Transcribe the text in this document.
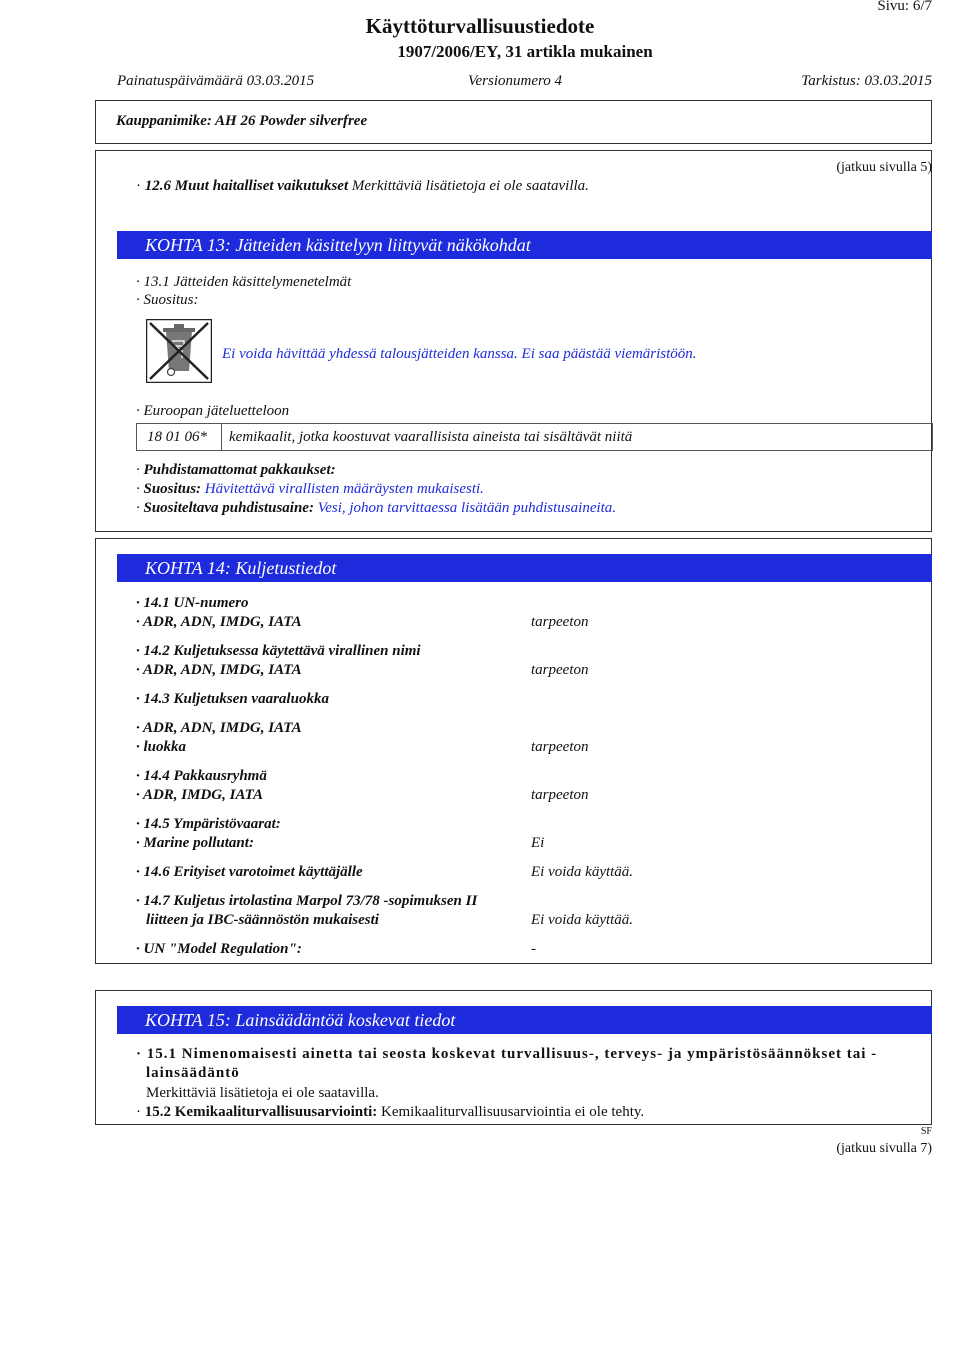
Sivu: 6/7
Käyttöturvallisuustiedote
1907/2006/EY, 31 artikla mukainen
Painatuspäivämäärä 03.03.2015	Versionumero 4	Tarkistus: 03.03.2015
Kauppanimike: AH 26 Powder silverfree
(jatkuu sivulla 5)
· 12.6 Muut haitalliset vaikutukset Merkittäviä lisätietoja ei ole saatavilla.
KOHTA 13: Jätteiden käsittelyyn liittyvät näkökohdat
· 13.1 Jätteiden käsittelymenetelmät
· Suositus:
Ei voida hävittää yhdessä talousjätteiden kanssa. Ei saa päästää viemäristöön.
· Euroopan jäteluetteloon
18 01 06* kemikaalit, jotka koostuvat vaarallisista aineista tai sisältävät niitä
· Puhdistamattomat pakkaukset:
· Suositus: Hävitettävä virallisten määräysten mukaisesti.
· Suositeltava puhdistusaine: Vesi, johon tarvittaessa lisätään puhdistusaineita.
KOHTA 14: Kuljetustiedot
· 14.1 UN-numero
· ADR, ADN, IMDG, IATA	tarpeeton
· 14.2 Kuljetuksessa käytettävä virallinen nimi
· ADR, ADN, IMDG, IATA	tarpeeton
· 14.3 Kuljetuksen vaaraluokka
· ADR, ADN, IMDG, IATA
· luokka	tarpeeton
· 14.4 Pakkausryhmä
· ADR, IMDG, IATA	tarpeeton
· 14.5 Ympäristövaarat:
· Marine pollutant:	Ei
· 14.6 Erityiset varotoimet käyttäjälle	Ei voida käyttää.
· 14.7 Kuljetus irtolastina Marpol 73/78 -sopimuksen II
liitteen ja IBC-säännöstön mukaisesti	Ei voida käyttää.
· UN "Model Regulation":	-
KOHTA 15: Lainsäädäntöä koskevat tiedot
· 15.1 Nimenomaisesti ainetta tai seosta koskevat turvallisuus-, terveys- ja ympäristösäännökset tai -
lainsäädäntö
Merkittäviä lisätietoja ei ole saatavilla.
· 15.2 Kemikaaliturvallisuusarviointi: Kemikaaliturvallisuusarviointia ei ole tehty.
SF
(jatkuu sivulla 7)
